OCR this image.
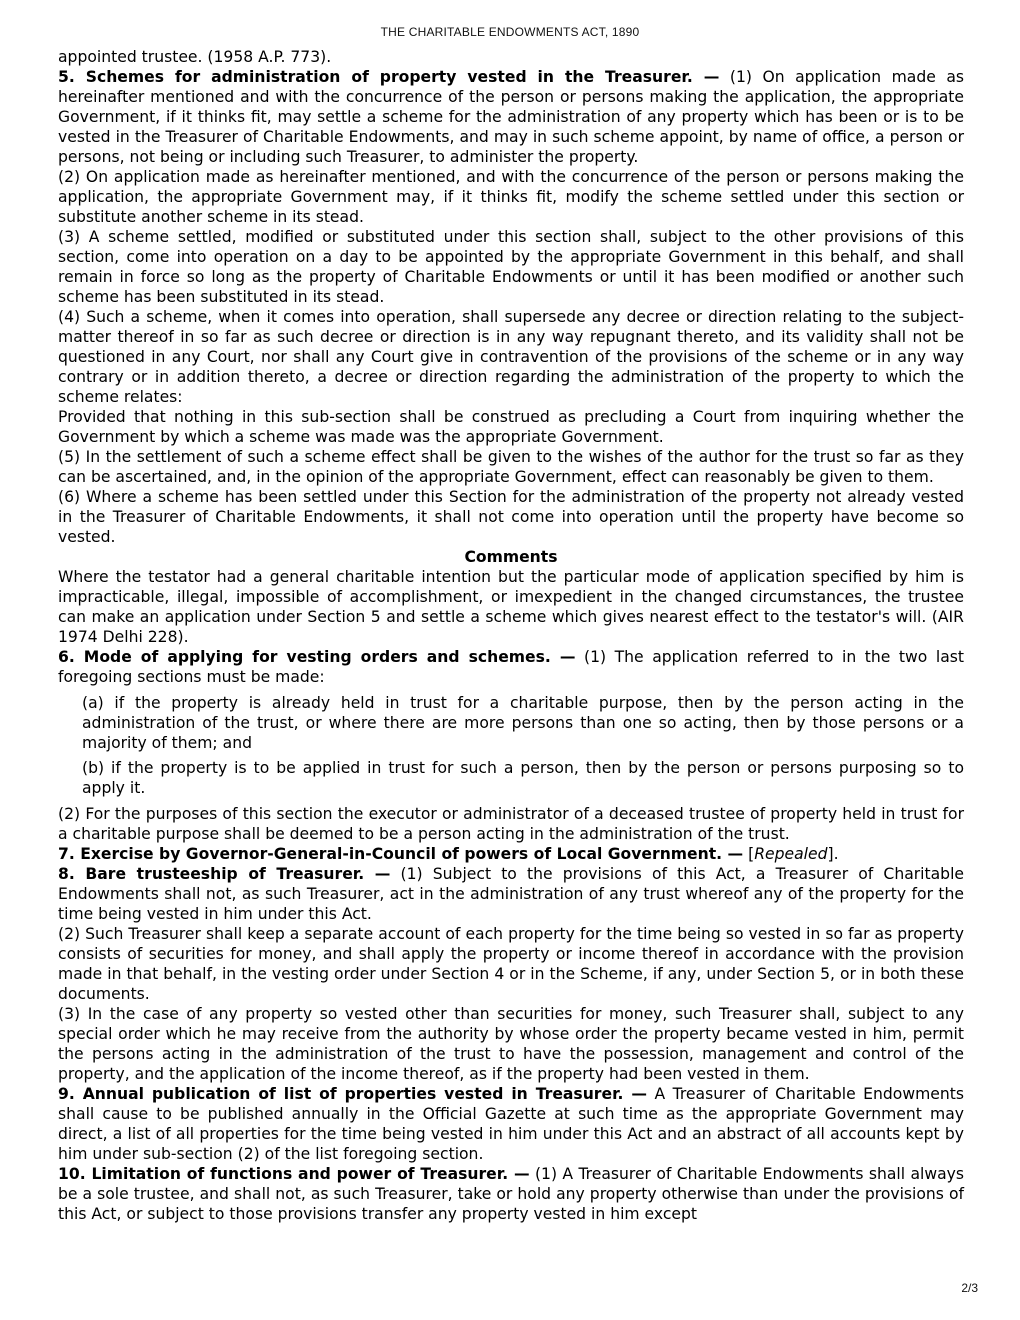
THE CHARITABLE ENDOWMENTS ACT, 1890

appointed trustee. (1958 A.P. 773).

5. Schemes for administration of property vested in the Treasurer. — (1) On application made as hereinafter mentioned and with the concurrence of the person or persons making the application, the appropriate Government, if it thinks fit, may settle a scheme for the administration of any property which has been or is to be vested in the Treasurer of Charitable Endowments, and may in such scheme appoint, by name of office, a person or persons, not being or including such Treasurer, to administer the property.

(2) On application made as hereinafter mentioned, and with the concurrence of the person or persons making the application, the appropriate Government may, if it thinks fit, modify the scheme settled under this section or substitute another scheme in its stead.

(3) A scheme settled, modified or substituted under this section shall, subject to the other provisions of this section, come into operation on a day to be appointed by the appropriate Government in this behalf, and shall remain in force so long as the property of Charitable Endowments or until it has been modified or another such scheme has been substituted in its stead.

(4) Such a scheme, when it comes into operation, shall supersede any decree or direction relating to the subject-matter thereof in so far as such decree or direction is in any way repugnant thereto, and its validity shall not be questioned in any Court, nor shall any Court give in contravention of the provisions of the scheme or in any way contrary or in addition thereto, a decree or direction regarding the administration of the property to which the scheme relates:

Provided that nothing in this sub-section shall be construed as precluding a Court from inquiring whether the Government by which a scheme was made was the appropriate Government.

(5) In the settlement of such a scheme effect shall be given to the wishes of the author for the trust so far as they can be ascertained, and, in the opinion of the appropriate Government, effect can reasonably be given to them.

(6) Where a scheme has been settled under this Section for the administration of the property not already vested in the Treasurer of Charitable Endowments, it shall not come into operation until the property have become so vested.

Comments

Where the testator had a general charitable intention but the particular mode of application specified by him is impracticable, illegal, impossible of accomplishment, or imexpedient in the changed circumstances, the trustee can make an application under Section 5 and settle a scheme which gives nearest effect to the testator's will. (AIR 1974 Delhi 228).

6. Mode of applying for vesting orders and schemes. — (1) The application referred to in the two last foregoing sections must be made:

(a) if the property is already held in trust for a charitable purpose, then by the person acting in the administration of the trust, or where there are more persons than one so acting, then by those persons or a majority of them; and

(b) if the property is to be applied in trust for such a person, then by the person or persons purposing so to apply it.

(2) For the purposes of this section the executor or administrator of a deceased trustee of property held in trust for a charitable purpose shall be deemed to be a person acting in the administration of the trust.

7. Exercise by Governor-General-in-Council of powers of Local Government. — [Repealed].

8. Bare trusteeship of Treasurer. — (1) Subject to the provisions of this Act, a Treasurer of Charitable Endowments shall not, as such Treasurer, act in the administration of any trust whereof any of the property for the time being vested in him under this Act.

(2) Such Treasurer shall keep a separate account of each property for the time being so vested in so far as property consists of securities for money, and shall apply the property or income thereof in accordance with the provision made in that behalf, in the vesting order under Section 4 or in the Scheme, if any, under Section 5, or in both these documents.

(3) In the case of any property so vested other than securities for money, such Treasurer shall, subject to any special order which he may receive from the authority by whose order the property became vested in him, permit the persons acting in the administration of the trust to have the possession, management and control of the property, and the application of the income thereof, as if the property had been vested in them.

9. Annual publication of list of properties vested in Treasurer. — A Treasurer of Charitable Endowments shall cause to be published annually in the Official Gazette at such time as the appropriate Government may direct, a list of all properties for the time being vested in him under this Act and an abstract of all accounts kept by him under sub-section (2) of the list foregoing section.

10. Limitation of functions and power of Treasurer. — (1) A Treasurer of Charitable Endowments shall always be a sole trustee, and shall not, as such Treasurer, take or hold any property otherwise than under the provisions of this Act, or subject to those provisions transfer any property vested in him except

2/3
